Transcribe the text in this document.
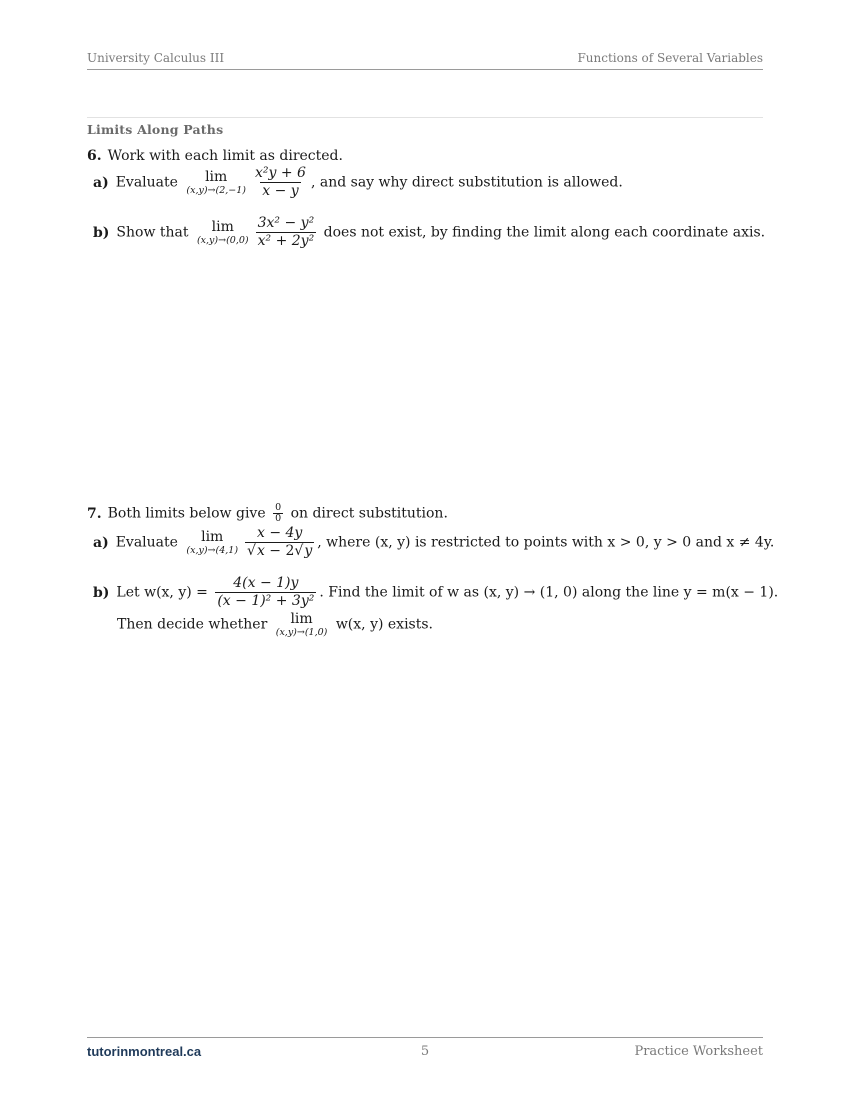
University Calculus III	Functions of Several Variables
Limits Along Paths
6. Work with each limit as directed.
a) Evaluate lim
$(x,y)\to(2,-1) \frac{\text{x²y + 6}}{x - y}$ , and say why direct substitution is allowed.
b) Show that lim
$(x,y)\to(0,0) \frac{\text{3x² − y²}}{\text{x² + 2y²}}$ does not exist, by finding the limit along each coordinate axis.
7. Both limits below give $\frac{0}{0}$ on direct substitution.
a) Evaluate lim
$(x,y)\to(4,1) \frac{x - 4y}{√x - 2√y}$ , where (x, y) is restricted to points with x > 0, y > 0 and x ≠ 4y.
b) Let w(x, $y) = \frac{4(x - 1)y}{\text{(x − 1)² + 3y²}}$ . Find the limit of w as (x, y) → (1, 0) along the line y = m(x − 1).
Then decide whether lim
(x,y)→(1,0) w(x, y) exists.
tutorinmontreal.ca	5	Practice Worksheet
